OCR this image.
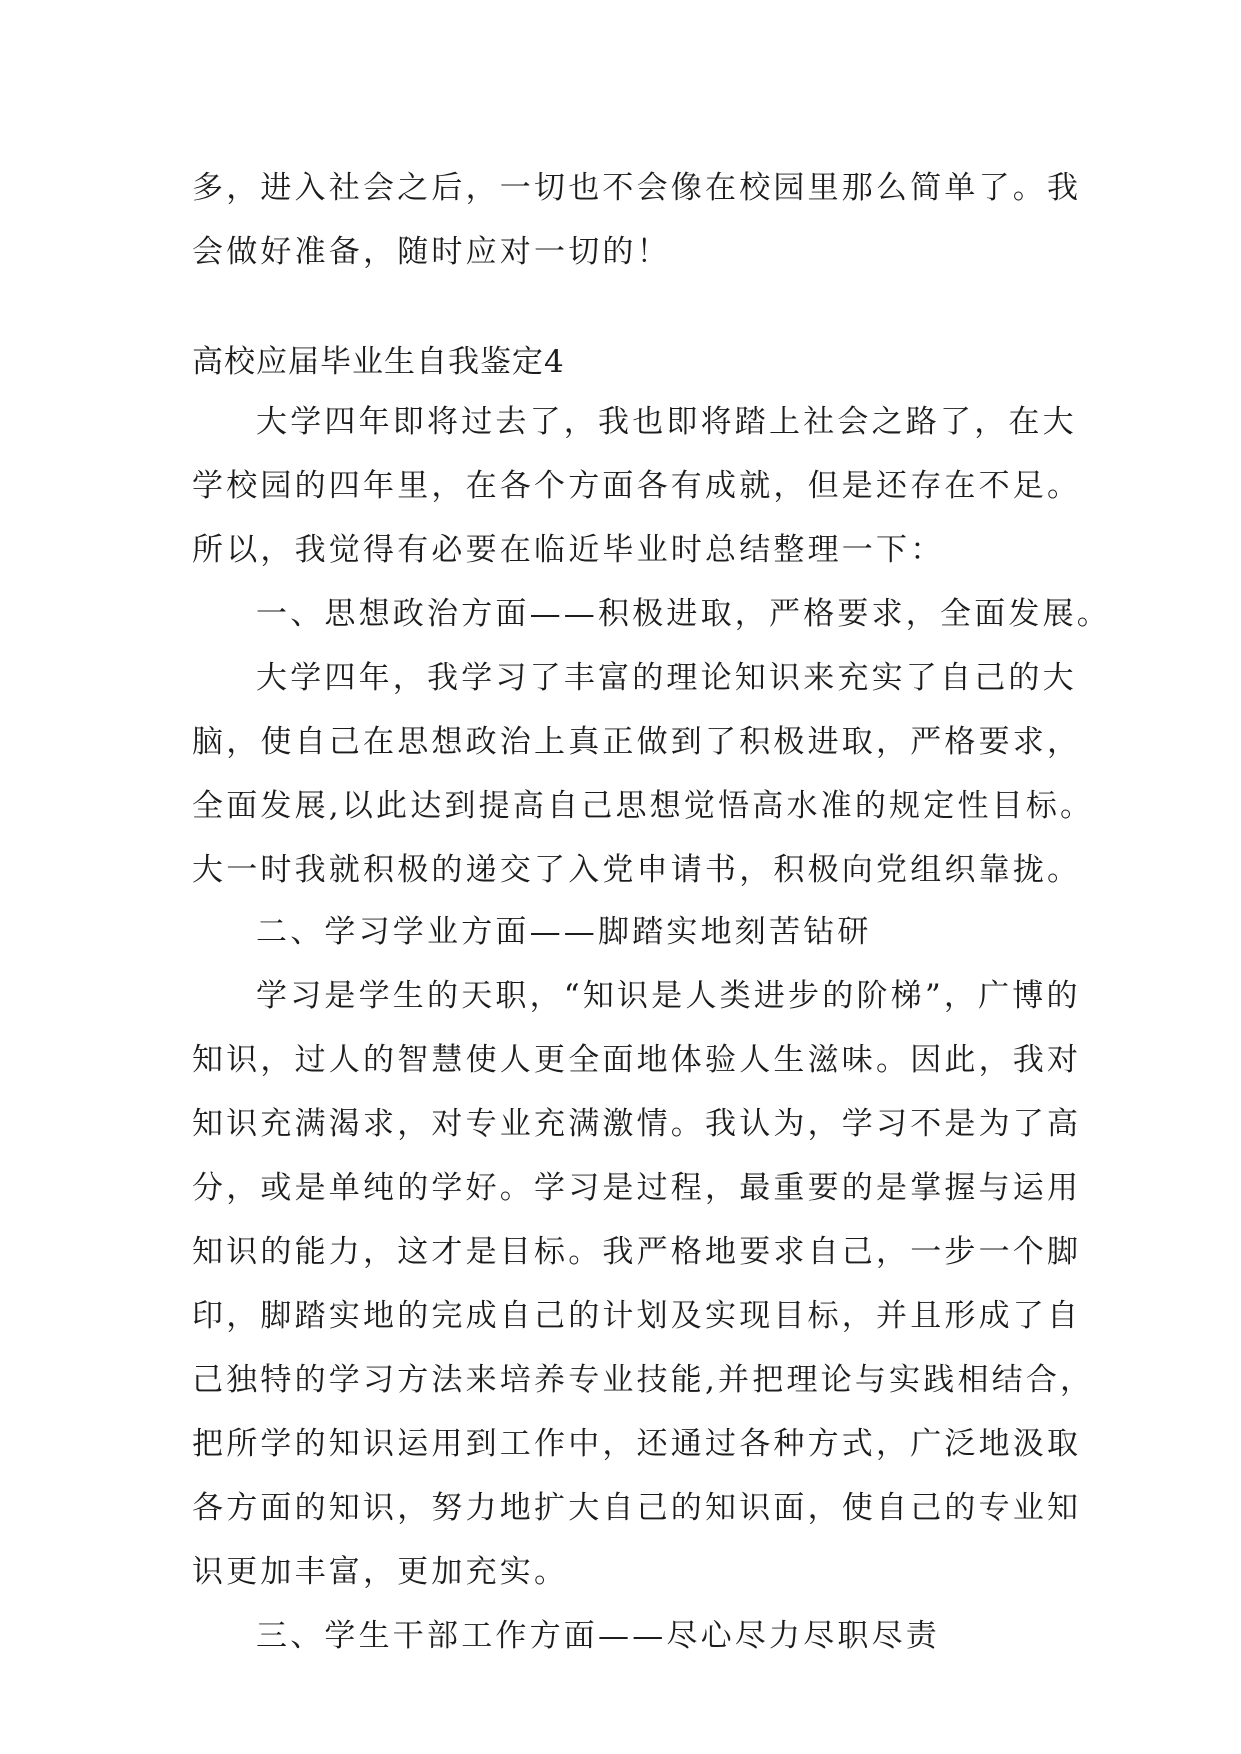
多，进入社会之后，一切也不会像在校园里那么简单了。我
会做好准备，随时应对一切的！
高校应届毕业生自我鉴定4
大学四年即将过去了，我也即将踏上社会之路了，在大
学校园的四年里，在各个方面各有成就，但是还存在不足。
所以，我觉得有必要在临近毕业时总结整理一下：
一、思想政治方面——积极进取，严格要求，全面发展。
大学四年，我学习了丰富的理论知识来充实了自己的大
脑，使自己在思想政治上真正做到了积极进取，严格要求，
全面发展,以此达到提高自己思想觉悟高水准的规定性目标。
大一时我就积极的递交了入党申请书，积极向党组织靠拢。
二、学习学业方面——脚踏实地刻苦钻研
学习是学生的天职，“知识是人类进步的阶梯”，广博的
知识，过人的智慧使人更全面地体验人生滋味。因此，我对
知识充满渴求，对专业充满激情。我认为，学习不是为了高
分，或是单纯的学好。学习是过程，最重要的是掌握与运用
知识的能力，这才是目标。我严格地要求自己，一步一个脚
印，脚踏实地的完成自己的计划及实现目标，并且形成了自
己独特的学习方法来培养专业技能,并把理论与实践相结合，
把所学的知识运用到工作中，还通过各种方式，广泛地汲取
各方面的知识，努力地扩大自己的知识面，使自己的专业知
识更加丰富，更加充实。
三、学生干部工作方面——尽心尽力尽职尽责
